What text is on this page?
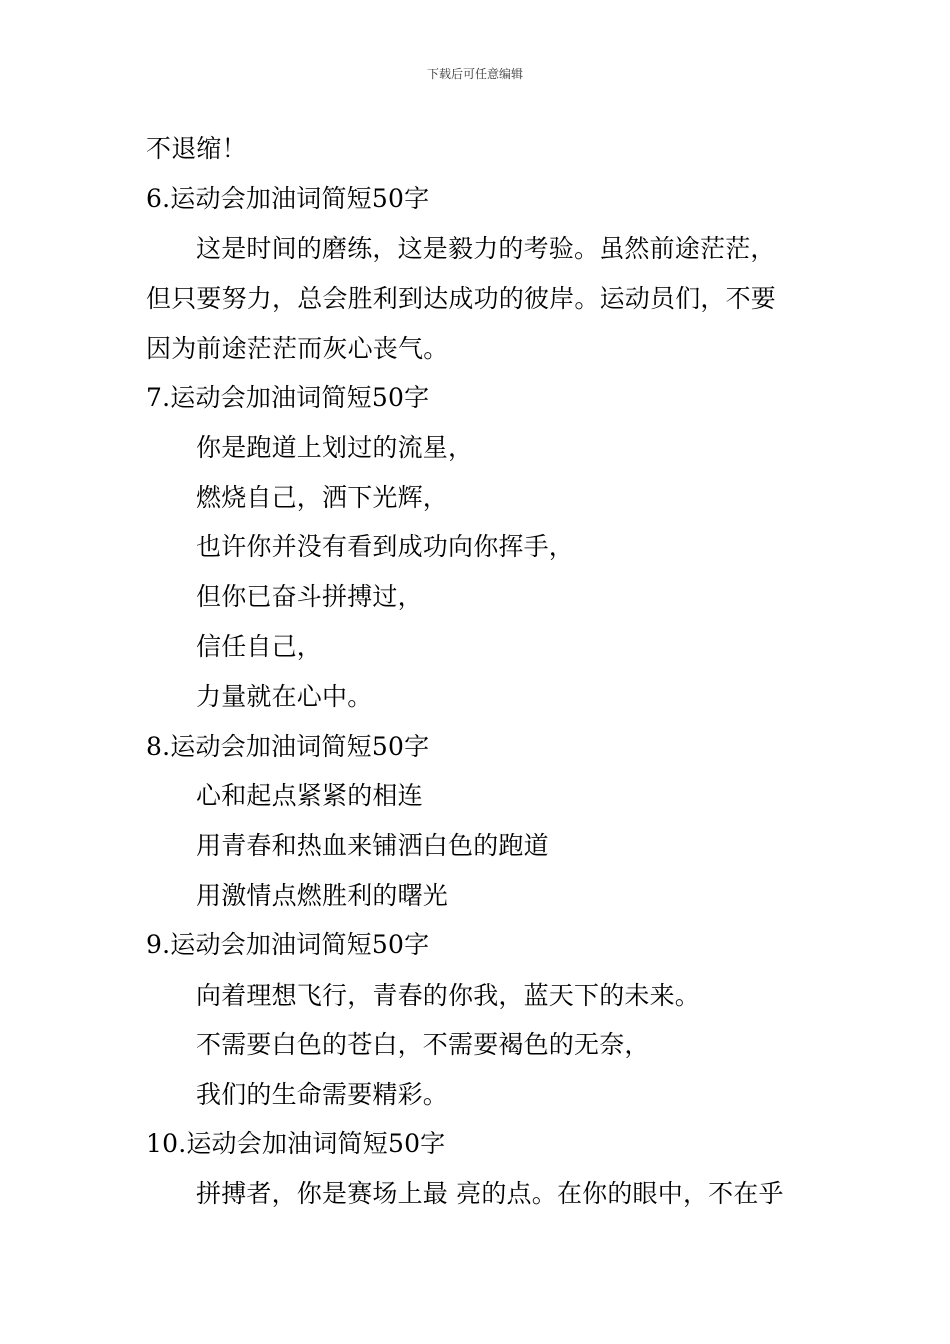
下载后可任意编辑
不退缩！
6.运动会加油词简短50字
这是时间的磨练，这是毅力的考验。虽然前途茫茫，
但只要努力，总会胜利到达成功的彼岸。运动员们，不要
因为前途茫茫而灰心丧气。
7.运动会加油词简短50字
你是跑道上划过的流星，
燃烧自己，洒下光辉，
也许你并没有看到成功向你挥手，
但你已奋斗拼搏过，
信任自己，
力量就在心中。
8.运动会加油词简短50字
心和起点紧紧的相连
用青春和热血来铺洒白色的跑道
用激情点燃胜利的曙光
9.运动会加油词简短50字
向着理想飞行，青春的你我，蓝天下的未来。
不需要白色的苍白，不需要褐色的无奈，
我们的生命需要精彩。
10.运动会加油词简短50字
拼搏者，你是赛场上最 亮的点。在你的眼中，不在乎
